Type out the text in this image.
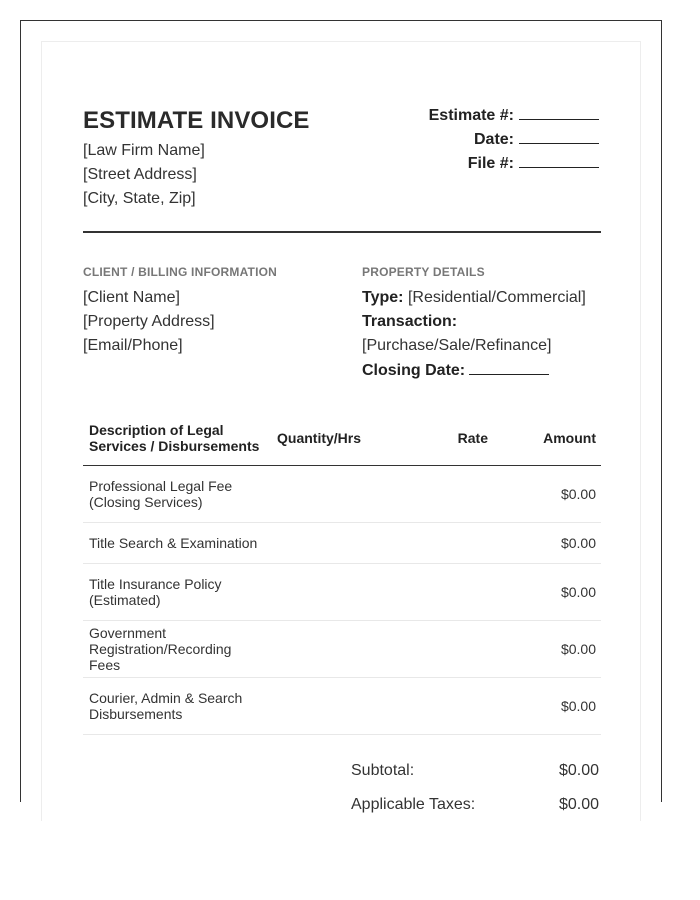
ESTIMATE INVOICE
[Law Firm Name]
[Street Address]
[City, State, Zip]
Estimate #:
Date:
File #:
CLIENT / BILLING INFORMATION
[Client Name]
[Property Address]
[Email/Phone]
PROPERTY DETAILS
Type: [Residential/Commercial]
Transaction:
[Purchase/Sale/Refinance]
Closing Date:
Description of Legal Services / Disbursements	Quantity/Hrs	Rate	Amount
Professional Legal Fee (Closing Services)			$0.00
Title Search & Examination			$0.00
Title Insurance Policy (Estimated)			$0.00
Government Registration/Recording Fees			$0.00
Courier, Admin & Search Disbursements			$0.00
Subtotal:	$0.00
Applicable Taxes:	$0.00
